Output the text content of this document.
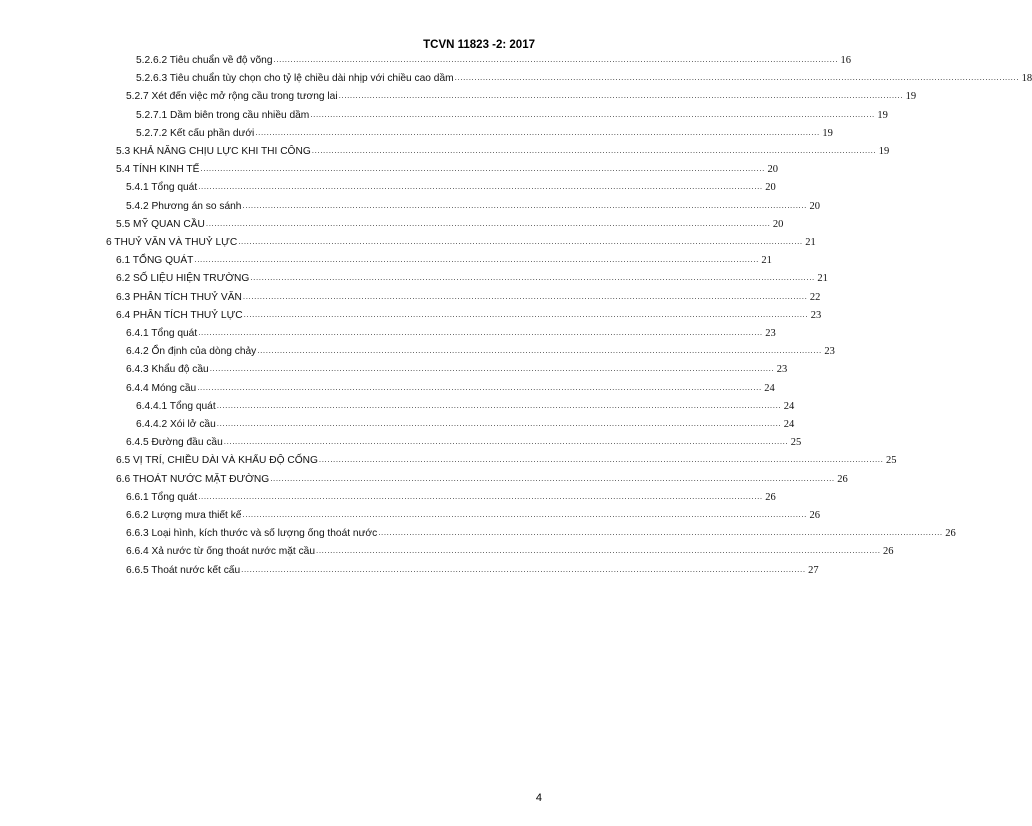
TCVN 11823 -2: 2017
5.2.6.2 Tiêu chuẩn về độ võng ........................................................................................................................................................................................................ 16
5.2.6.3 Tiêu chuẩn tùy chọn cho tỷ lệ chiều dài nhịp với chiều cao dầm ........................................................................................................................................................................................................ 18
5.2.7 Xét đến việc mở rộng cầu trong tương lai ........................................................................................................................................................................................................ 19
5.2.7.1 Dầm biên trong cầu nhiều dầm ........................................................................................................................................................................................................ 19
5.2.7.2 Kết cấu phần dưới ........................................................................................................................................................................................................ 19
5.3 KHẢ NĂNG CHỊU LỰC KHI THI CÔNG ........................................................................................................................................................................................................ 19
5.4 TÍNH KINH TẾ ........................................................................................................................................................................................................ 20
5.4.1 Tổng quát ........................................................................................................................................................................................................ 20
5.4.2 Phương án so sánh ........................................................................................................................................................................................................ 20
5.5 MỸ QUAN CẦU ........................................................................................................................................................................................................ 20
6 THUỶ VĂN VÀ THUỶ LỰC ........................................................................................................................................................................................................ 21
6.1 TỔNG QUÁT ........................................................................................................................................................................................................ 21
6.2 SỐ LIỆU HIỆN TRƯỜNG ........................................................................................................................................................................................................ 21
6.3 PHÂN TÍCH THUỶ VĂN ........................................................................................................................................................................................................ 22
6.4 PHÂN TÍCH THUỶ LỰC ........................................................................................................................................................................................................ 23
6.4.1 Tổng quát ........................................................................................................................................................................................................ 23
6.4.2 Ổn định của dòng chảy ........................................................................................................................................................................................................ 23
6.4.3 Khẩu độ cầu ........................................................................................................................................................................................................ 23
6.4.4 Móng cầu ........................................................................................................................................................................................................ 24
6.4.4.1 Tổng quát ........................................................................................................................................................................................................ 24
6.4.4.2 Xói lở cầu ........................................................................................................................................................................................................ 24
6.4.5 Đường đầu cầu ........................................................................................................................................................................................................ 25
6.5 VỊ TRÍ, CHIỀU DÀI VÀ KHẨU ĐỘ CỐNG ........................................................................................................................................................................................................ 25
6.6 THOÁT NƯỚC MẶT ĐƯỜNG ........................................................................................................................................................................................................ 26
6.6.1 Tổng quát ........................................................................................................................................................................................................ 26
6.6.2 Lượng mưa thiết kế ........................................................................................................................................................................................................ 26
6.6.3 Loại hình, kích thước và số lượng ống thoát nước ........................................................................................................................................................................................................ 26
6.6.4 Xả nước từ ống thoát nước mặt cầu ........................................................................................................................................................................................................ 26
6.6.5 Thoát nước kết cấu ........................................................................................................................................................................................................ 27
4
